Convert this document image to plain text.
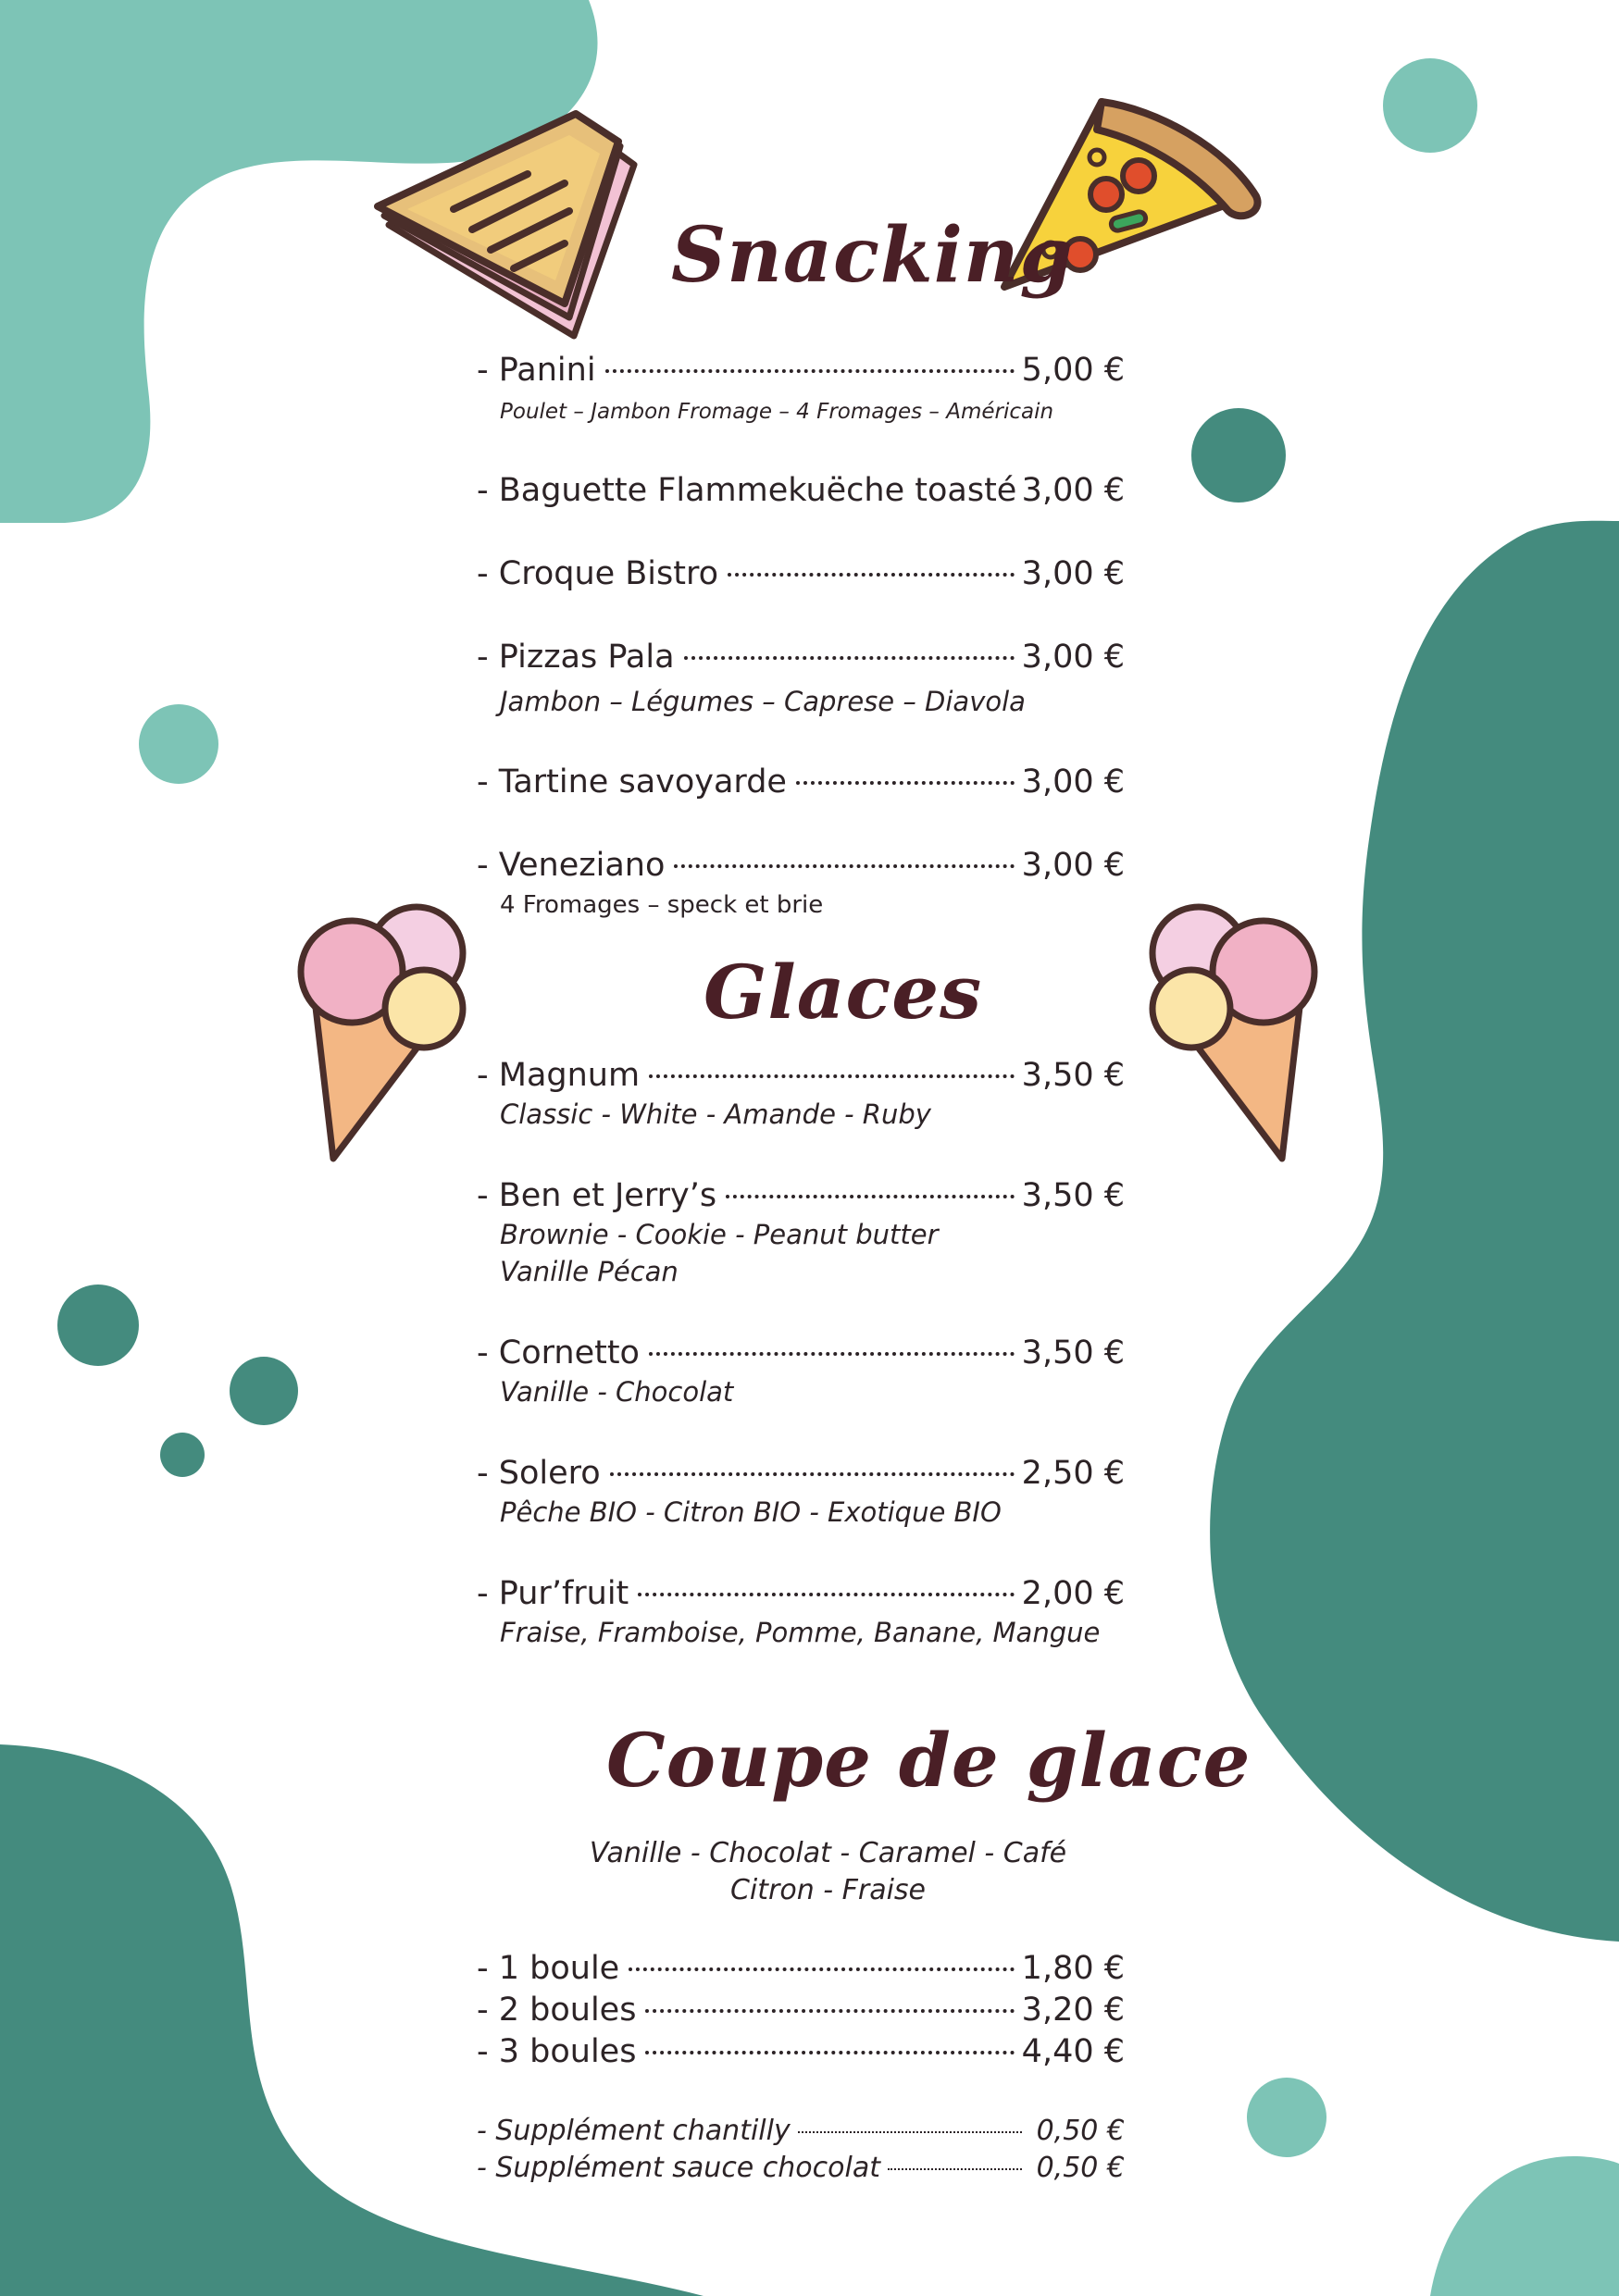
Snacking
- Panini	5,00 €
Poulet – Jambon Fromage – 4 Fromages – Américain
- Baguette Flammekuëche toasté 3,00 €
- Croque Bistro	3,00 €
- Pizzas Pala	3,00 €
Jambon – Légumes – Caprese – Diavola
- Tartine savoyarde	3,00 €
- Veneziano	3,00 €
4 Fromages – speck et brie
Glaces
- Magnum	3,50 €
Classic - White - Amande - Ruby
- Ben et Jerry’s	3,50 €
Brownie - Cookie - Peanut butter
Vanille Pécan
- Cornetto	3,50 €
Vanille - Chocolat
- Solero	2,50 €
Pêche BIO - Citron BIO - Exotique BIO
- Pur’fruit	2,00 €
Fraise, Framboise, Pomme, Banane, Mangue
Coupe de glace
Vanille - Chocolat - Caramel - Café
Citron - Fraise
- 1 boule	1,80 €
- 2 boules	3,20 €
- 3 boules	4,40 €
- Supplément chantilly	0,50 €
- Supplément sauce chocolat	0,50 €
